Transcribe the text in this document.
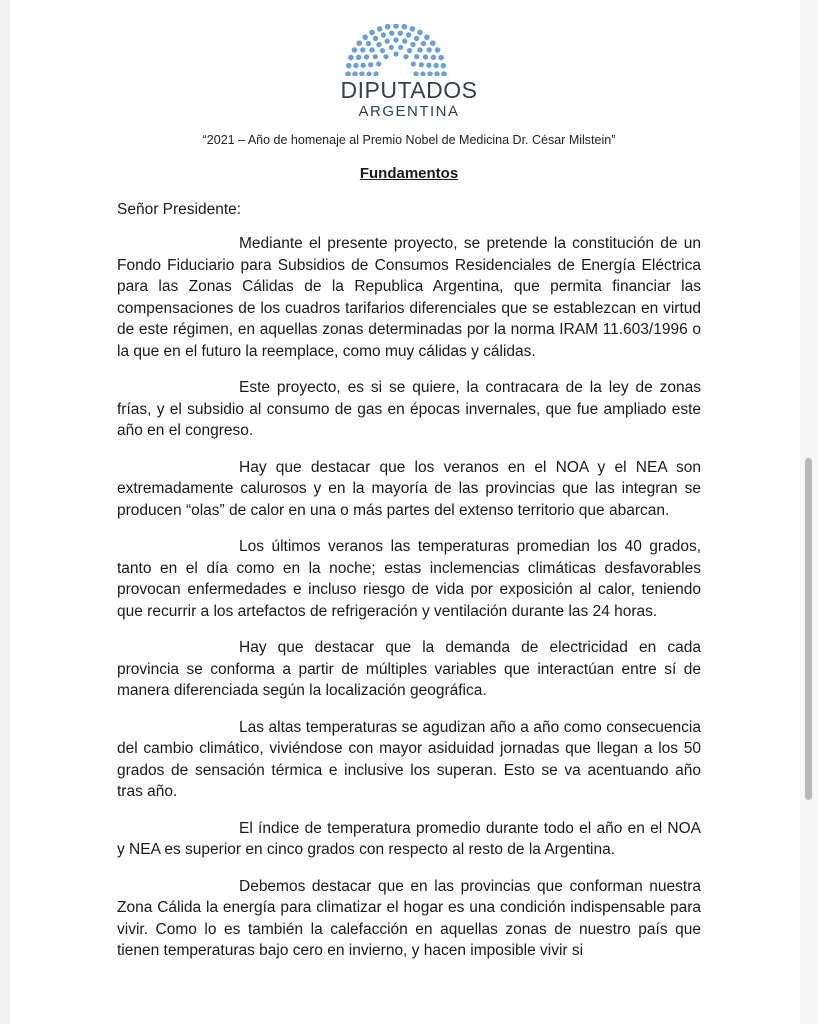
DIPUTADOS
ARGENTINA
“2021 – Año de homenaje al Premio Nobel de Medicina Dr. César Milstein”
Fundamentos
Señor Presidente:

Mediante el presente proyecto, se pretende la constitución de un Fondo Fiduciario para Subsidios de Consumos Residenciales de Energía Eléctrica para las Zonas Cálidas de la Republica Argentina, que permita financiar las compensaciones de los cuadros tarifarios diferenciales que se establezcan en virtud de este régimen, en aquellas zonas determinadas por la norma IRAM 11.603/1996 o la que en el futuro la reemplace, como muy cálidas y cálidas.

Este proyecto, es si se quiere, la contracara de la ley de zonas frías, y el subsidio al consumo de gas en épocas invernales, que fue ampliado este año en el congreso.

Hay que destacar que los veranos en el NOA y el NEA son extremadamente calurosos y en la mayoría de las provincias que las integran se producen “olas” de calor en una o más partes del extenso territorio que abarcan.

Los últimos veranos las temperaturas promedian los 40 grados, tanto en el día como en la noche; estas inclemencias climáticas desfavorables provocan enfermedades e incluso riesgo de vida por exposición al calor, teniendo que recurrir a los artefactos de refrigeración y ventilación durante las 24 horas.

Hay que destacar que la demanda de electricidad en cada provincia se conforma a partir de múltiples variables que interactúan entre sí de manera diferenciada según la localización geográfica.

Las altas temperaturas se agudizan año a año como consecuencia del cambio climático, viviéndose con mayor asiduidad jornadas que llegan a los 50 grados de sensación térmica e inclusive los superan. Esto se va acentuando año tras año.

El índice de temperatura promedio durante todo el año en el NOA y NEA es superior en cinco grados con respecto al resto de la Argentina.

Debemos destacar que en las provincias que conforman nuestra Zona Cálida la energía para climatizar el hogar es una condición indispensable para vivir. Como lo es también la calefacción en aquellas zonas de nuestro país que tienen temperaturas bajo cero en invierno, y hacen imposible vivir si
